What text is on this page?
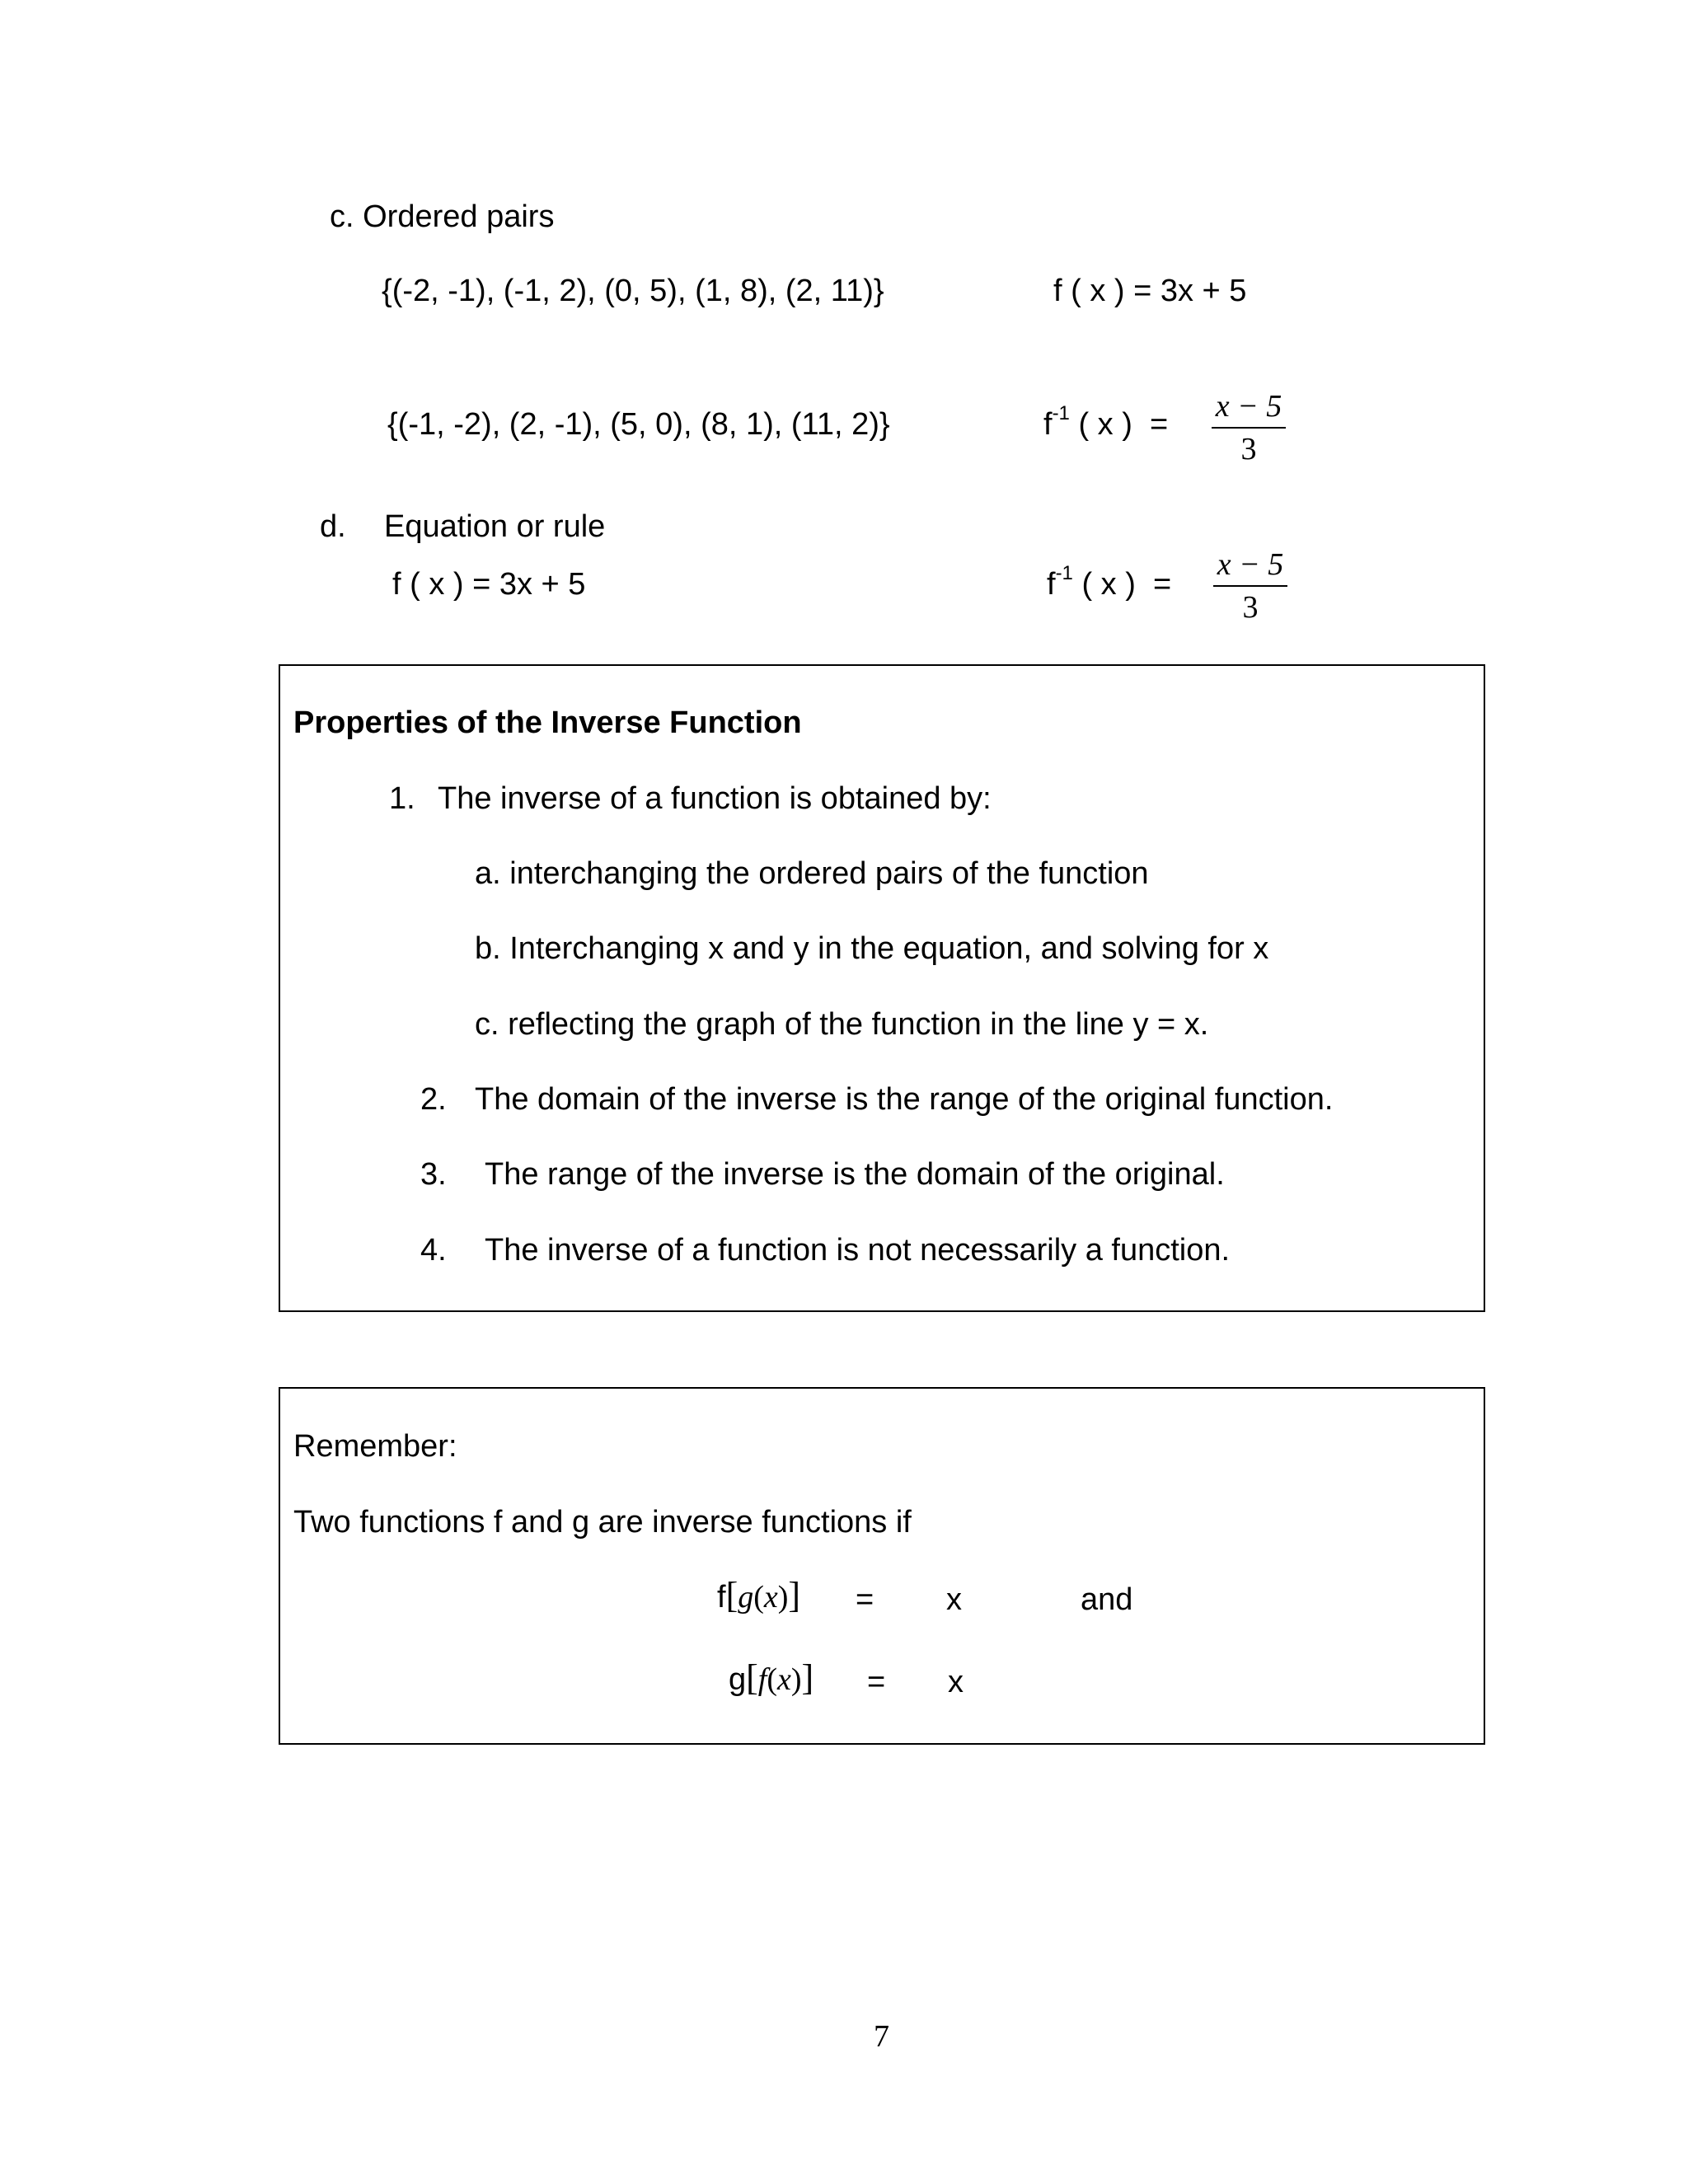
c. Ordered pairs
{(-2, -1), (-1, 2), (0, 5), (1, 8), (2, 11)}	f ( x ) = 3x + 5
{(-1, -2), (2, -1), (5, 0), (8, 1), (11, 2)}	$f^{-1}$ ( x )  =
x − 5
3
d. Equation or rule
f ( x ) = 3x + 5	$f^{-1}$ ( x )  =
x − 5
3
Properties of the Inverse Function
1. The inverse of a function is obtained by:
a. interchanging the ordered pairs of the function
b. Interchanging x and y in the equation, and solving for x
c. reflecting the graph of the function in the line y = x.
2. The domain of the inverse is the range of the original function.
3. The range of the inverse is the domain of the original.
4. The inverse of a function is not necessarily a function.
Remember:
Two functions f and g are inverse functions if
f[g(x)] = x	and
g[f(x)] = x
7
